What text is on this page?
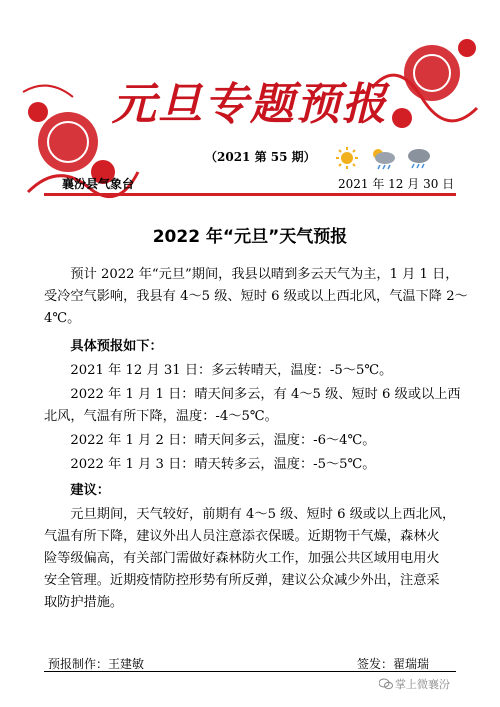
元旦专题预报
（2021 第 55 期）
襄汾县气象台	2021 年 12 月 30 日
2022 年“元旦”天气预报
预计 2022 年“元旦”期间，我县以晴到多云天气为主，1 月 1 日，
受冷空气影响，我县有 4～5 级、短时 6 级或以上西北风，气温下降 2～
4℃。
具体预报如下：
2021 年 12 月 31 日：多云转晴天，温度：-5～5℃。
2022 年 1 月 1 日：晴天间多云，有 4～5 级、短时 6 级或以上西
北风，气温有所下降，温度：-4～5℃。
2022 年 1 月 2 日：晴天间多云，温度：-6～4℃。
2022 年 1 月 3 日：晴天转多云，温度：-5～5℃。
建议：
元旦期间，天气较好，前期有 4～5 级、短时 6 级或以上西北风，
气温有所下降，建议外出人员注意添衣保暖。近期物干气燥，森林火
险等级偏高，有关部门需做好森林防火工作，加强公共区域用电用火
安全管理。近期疫情防控形势有所反弹，建议公众减少外出，注意采
取防护措施。
预报制作：王建敏	签发：翟瑞瑞
掌上微襄汾
